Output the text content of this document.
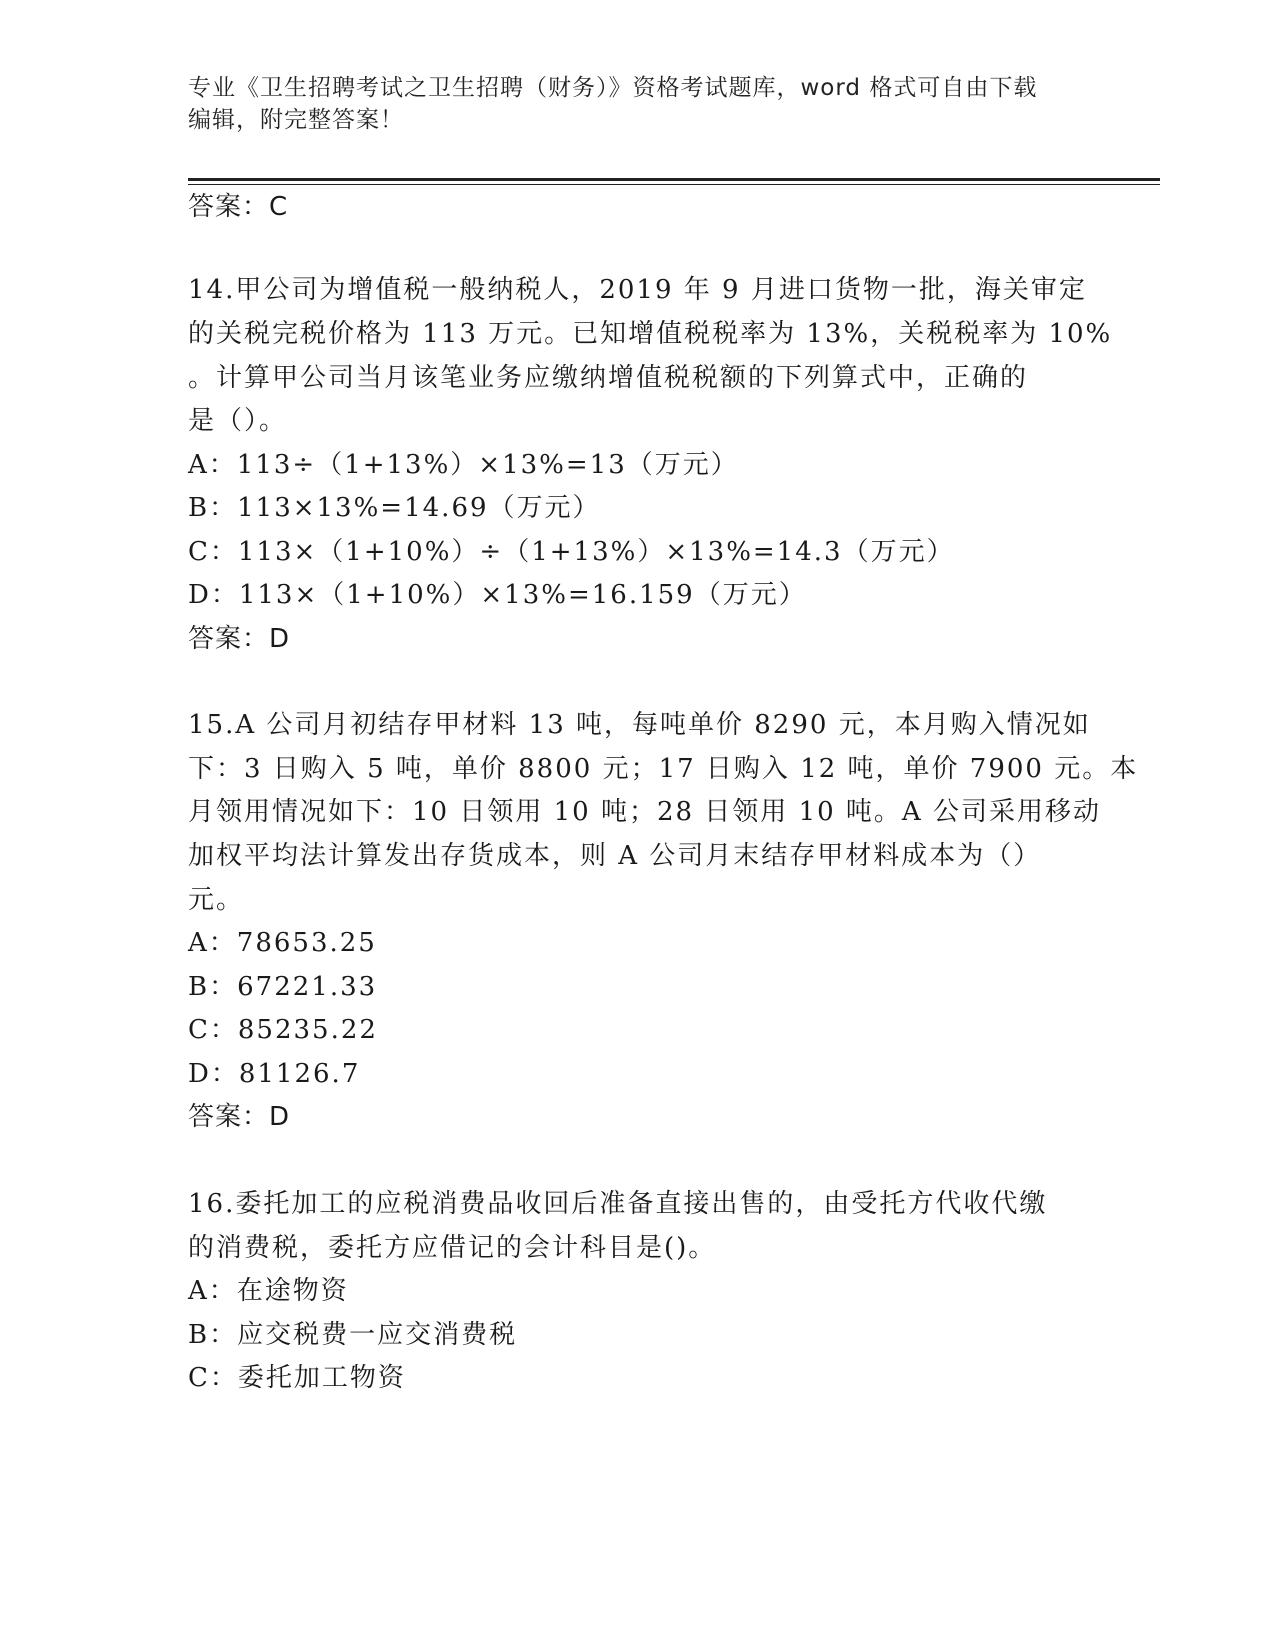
专业《卫生招聘考试之卫生招聘（财务）》资格考试题库，word 格式可自由下载
编辑，附完整答案！
答案：C
14.甲公司为增值税一般纳税人，2019 年 9 月进口货物一批，海关审定
的关税完税价格为 113 万元。已知增值税税率为 13%，关税税率为 10%
。计算甲公司当月该笔业务应缴纳增值税税额的下列算式中，正确的
是（）。
A：113÷（1+13%）×13%=13（万元）
B：113×13%=14.69（万元）
C：113×（1+10%）÷（1+13%）×13%=14.3（万元）
D：113×（1+10%）×13%=16.159（万元）
答案：D
15.A 公司月初结存甲材料 13 吨，每吨单价 8290 元，本月购入情况如
下：3 日购入 5 吨，单价 8800 元；17 日购入 12 吨，单价 7900 元。本
月领用情况如下：10 日领用 10 吨；28 日领用 10 吨。A 公司采用移动
加权平均法计算发出存货成本，则 A 公司月末结存甲材料成本为（）
元。
A：78653.25
B：67221.33
C：85235.22
D：81126.7
答案：D
16.委托加工的应税消费品收回后准备直接出售的，由受托方代收代缴
的消费税，委托方应借记的会计科目是()。
A：在途物资
B：应交税费一应交消费税
C：委托加工物资
